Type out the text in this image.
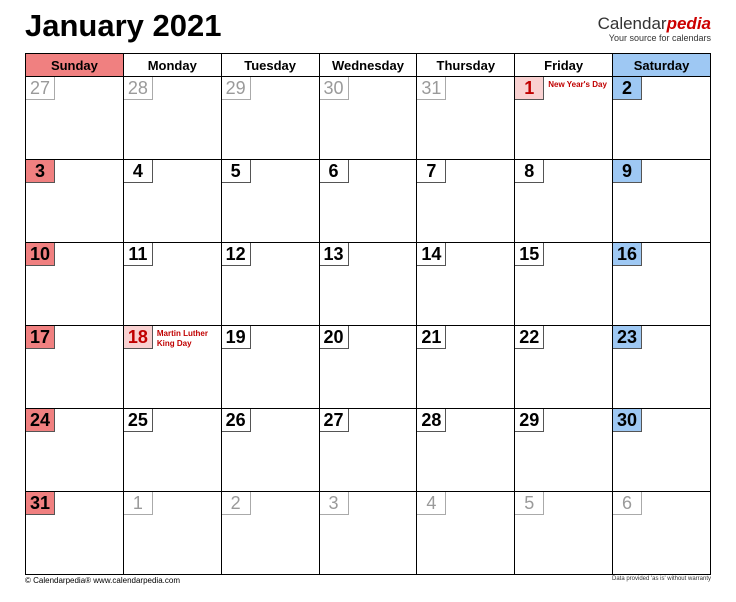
January 2021	Calendarpedia
Your source for calendars
Sunday	Monday	Tuesday	Wednesday	Thursday	Friday	Saturday
27	28	29	30	31	1 New Year's Day	2
3	4	5	6	7	8	9
10	11	12	13	14	15	16
17	18 Martin Luther King Day	19	20	21	22	23
24	25	26	27	28	29	30
31	1	2	3	4	5	6
© Calendarpedia® www.calendarpedia.com	Data provided 'as is' without warranty
